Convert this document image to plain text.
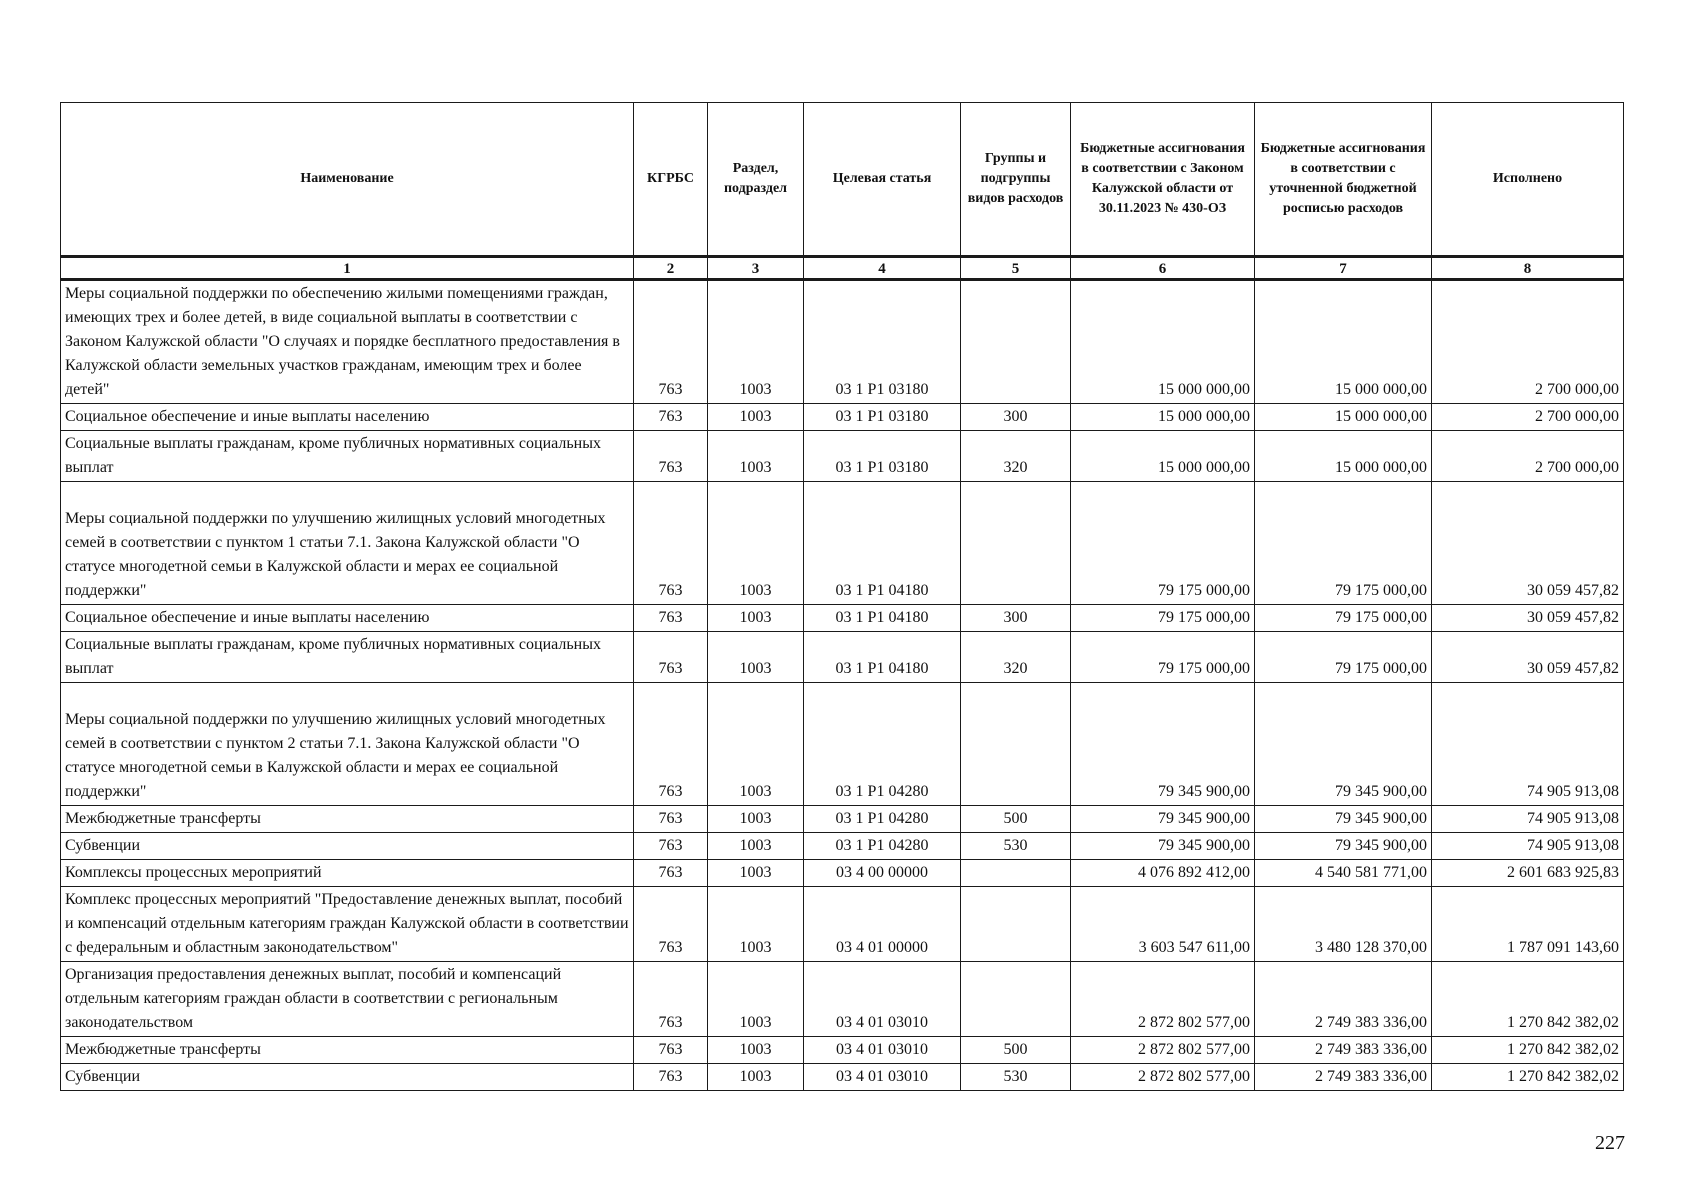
Наименование	КГРБС	Раздел, подраздел	Целевая статья	Группы и подгруппы видов расходов	Бюджетные ассигнования в соответствии с Законом Калужской области от 30.11.2023 № 430-ОЗ	Бюджетные ассигнования в соответствии с уточненной бюджетной росписью расходов	Исполнено
1	2	3	4	5	6	7	8
Меры социальной поддержки по обеспечению жилыми помещениями граждан, имеющих трех и более детей, в виде социальной выплаты в соответствии с Законом Калужской области "О случаях и порядке бесплатного предоставления в Калужской области земельных участков гражданам, имеющим трех и более детей"	763	1003	03 1 Р1 03180		15 000 000,00	15 000 000,00	2 700 000,00
Социальное обеспечение и иные выплаты населению	763	1003	03 1 Р1 03180	300	15 000 000,00	15 000 000,00	2 700 000,00
Социальные выплаты гражданам, кроме публичных нормативных социальных выплат	763	1003	03 1 Р1 03180	320	15 000 000,00	15 000 000,00	2 700 000,00
Меры социальной поддержки по улучшению жилищных условий многодетных семей в соответствии с пунктом 1 статьи 7.1. Закона Калужской области "О статусе многодетной семьи в Калужской области и мерах ее социальной поддержки"	763	1003	03 1 Р1 04180		79 175 000,00	79 175 000,00	30 059 457,82
Социальное обеспечение и иные выплаты населению	763	1003	03 1 Р1 04180	300	79 175 000,00	79 175 000,00	30 059 457,82
Социальные выплаты гражданам, кроме публичных нормативных социальных выплат	763	1003	03 1 Р1 04180	320	79 175 000,00	79 175 000,00	30 059 457,82
Меры социальной поддержки по улучшению жилищных условий многодетных семей в соответствии с пунктом 2 статьи 7.1. Закона Калужской области "О статусе многодетной семьи в Калужской области и мерах ее социальной поддержки"	763	1003	03 1 Р1 04280		79 345 900,00	79 345 900,00	74 905 913,08
Межбюджетные трансферты	763	1003	03 1 Р1 04280	500	79 345 900,00	79 345 900,00	74 905 913,08
Субвенции	763	1003	03 1 Р1 04280	530	79 345 900,00	79 345 900,00	74 905 913,08
Комплексы процессных мероприятий	763	1003	03 4 00 00000		4 076 892 412,00	4 540 581 771,00	2 601 683 925,83
Комплекс процессных мероприятий "Предоставление денежных выплат, пособий и компенсаций отдельным категориям граждан Калужской области в соответствии с федеральным и областным законодательством"	763	1003	03 4 01 00000		3 603 547 611,00	3 480 128 370,00	1 787 091 143,60
Организация предоставления денежных выплат, пособий и компенсаций отдельным категориям граждан области в соответствии с региональным законодательством	763	1003	03 4 01 03010		2 872 802 577,00	2 749 383 336,00	1 270 842 382,02
Межбюджетные трансферты	763	1003	03 4 01 03010	500	2 872 802 577,00	2 749 383 336,00	1 270 842 382,02
Субвенции	763	1003	03 4 01 03010	530	2 872 802 577,00	2 749 383 336,00	1 270 842 382,02
227
